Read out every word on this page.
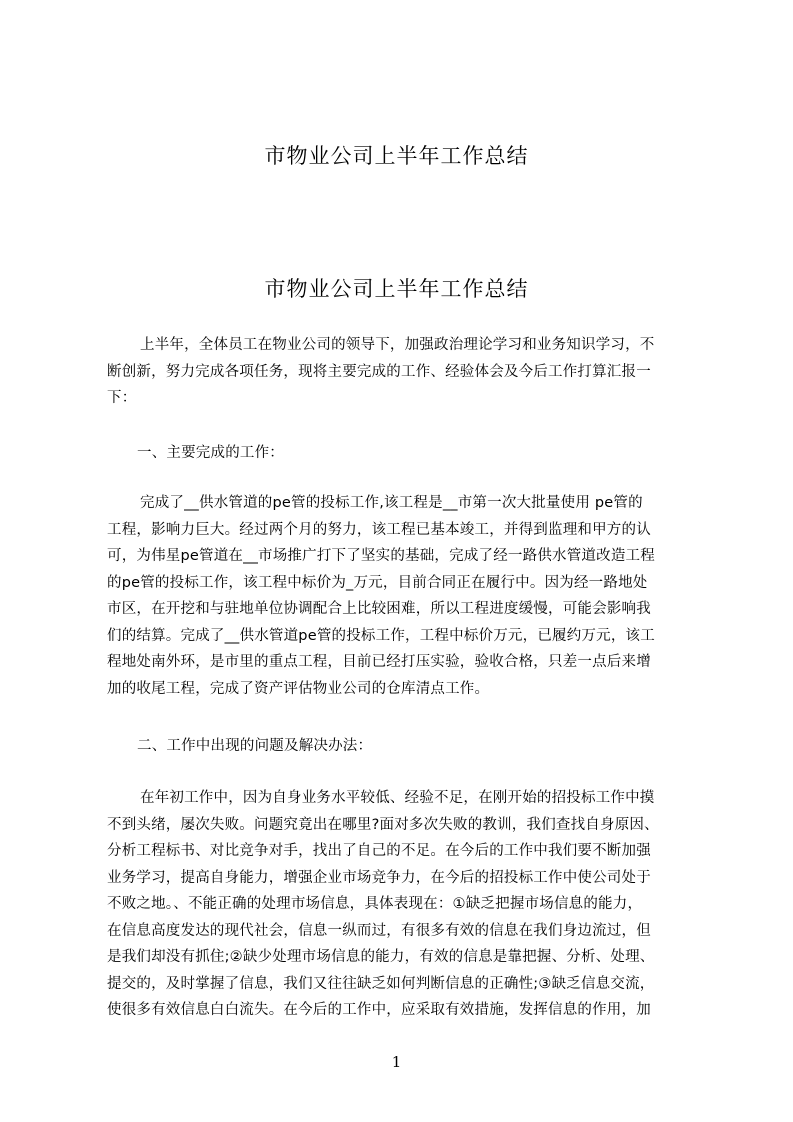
市物业公司上半年工作总结
市物业公司上半年工作总结
上半年，全体员工在物业公司的领导下，加强政治理论学习和业务知识学习，不
断创新，努力完成各项任务，现将主要完成的工作、经验体会及今后工作打算汇报一
下：
一、主要完成的工作：
完成了__供水管道的pe管的投标工作,该工程是__市第一次大批量使用 pe管的
工程，影响力巨大。经过两个月的努力，该工程已基本竣工，并得到监理和甲方的认
可，为伟星pe管道在__市场推广打下了坚实的基础，完成了经一路供水管道改造工程
的pe管的投标工作，该工程中标价为_万元，目前合同正在履行中。因为经一路地处
市区，在开挖和与驻地单位协调配合上比较困难，所以工程进度缓慢，可能会影响我
们的结算。完成了__供水管道pe管的投标工作，工程中标价万元，已履约万元，该工
程地处南外环，是市里的重点工程，目前已经打压实验，验收合格，只差一点后来增
加的收尾工程，完成了资产评估物业公司的仓库清点工作。
二、工作中出现的问题及解决办法：
在年初工作中，因为自身业务水平较低、经验不足，在刚开始的招投标工作中摸
不到头绪，屡次失败。问题究竟出在哪里?面对多次失败的教训，我们查找自身原因、
分析工程标书、对比竞争对手，找出了自己的不足。在今后的工作中我们要不断加强
业务学习，提高自身能力，增强企业市场竞争力，在今后的招投标工作中使公司处于
不败之地。、不能正确的处理市场信息，具体表现在：①缺乏把握市场信息的能力，
在信息高度发达的现代社会，信息一纵而过，有很多有效的信息在我们身边流过，但
是我们却没有抓住;②缺少处理市场信息的能力，有效的信息是靠把握、分析、处理、
提交的，及时掌握了信息，我们又往往缺乏如何判断信息的正确性;③缺乏信息交流，
使很多有效信息白白流失。在今后的工作中，应采取有效措施，发挥信息的作用，加
1
